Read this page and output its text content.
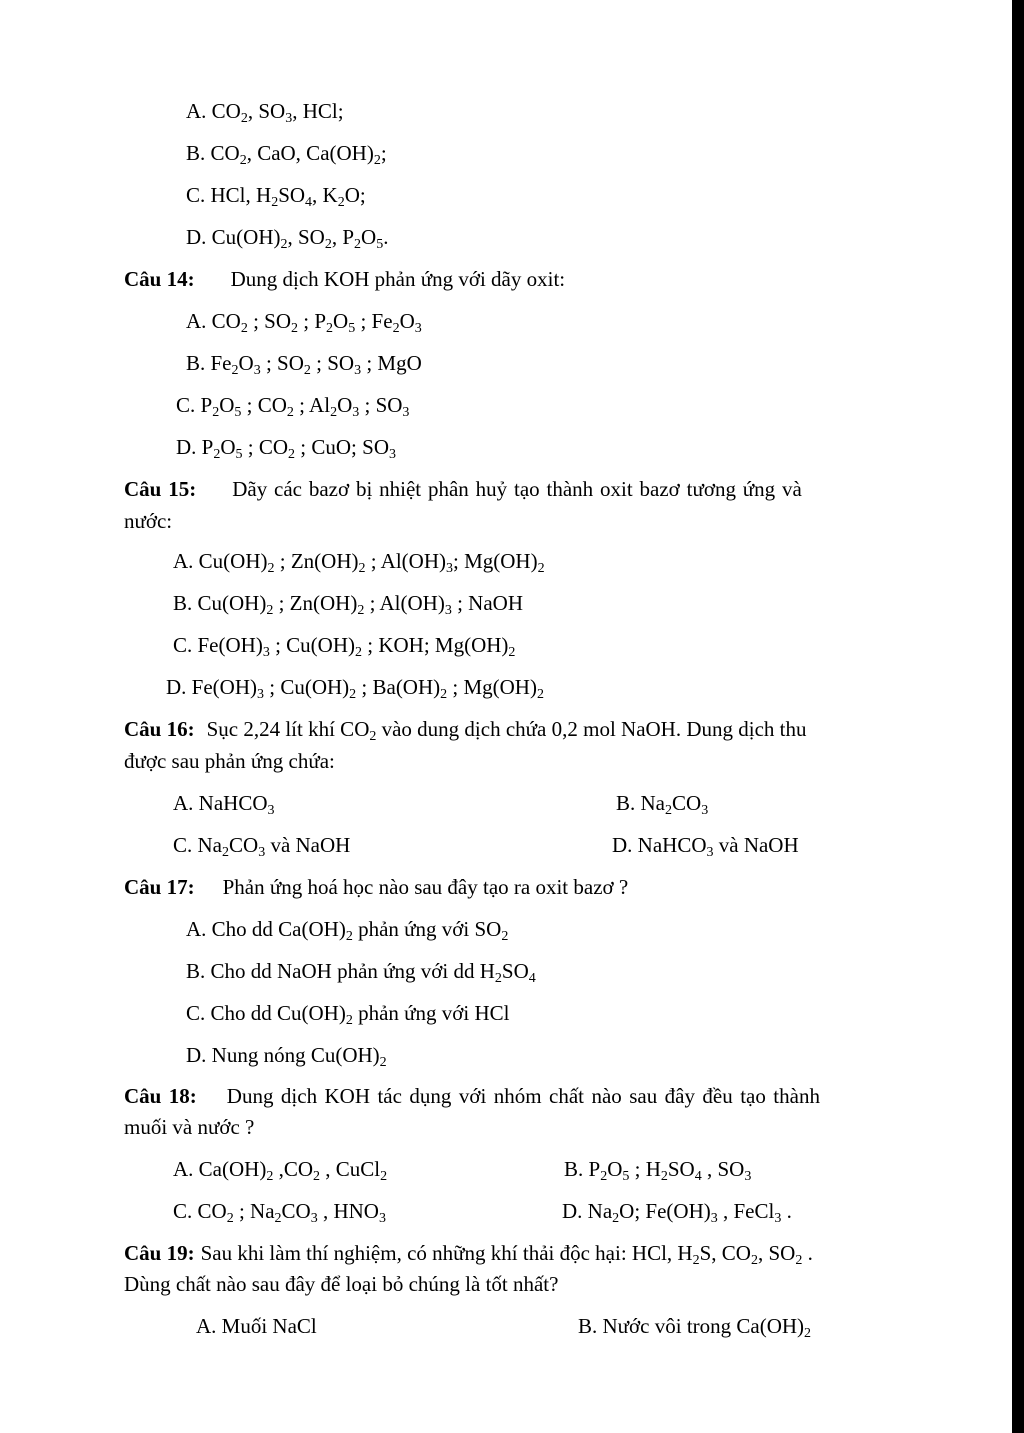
A. $CO_2$, $SO_3$, HCl;
B. $CO_2$, CaO, $Ca(OH)_2$;
C. HCl, $H_2SO_4$, $K_2O$;
D. $Cu(OH)_2$, $SO_2$, $P_2O_5$.
Câu 14: Dung dịch KOH phản ứng với dãy oxit:
A. $CO_2$ ; $SO_2$ ; $P_2O_5$ ; $Fe_2O_3$
B. $Fe_2O_3$ ; $SO_2$ ; $SO_3$ ; MgO
C. $P_2O_5$ ; $CO_2$ ; $Al_2O_3$ ; $SO_3$
D. $P_2O_5$ ; $CO_2$ ; CuO; $SO_3$
Câu 15: Dãy các bazơ bị nhiệt phân huỷ tạo thành oxit bazơ tương ứng và
nước:
A. $Cu(OH)_2$ ; $Zn(OH)_2$ ; $Al(OH)_3$; $Mg(OH)_2$
B. $Cu(OH)_2$ ; $Zn(OH)_2$ ; $Al(OH)_3$ ; NaOH
C. $Fe(OH)_3$ ; $Cu(OH)_2$ ; KOH; $Mg(OH)_2$
D. $Fe(OH)_3$ ; $Cu(OH)_2$ ; $Ba(OH)_2$ ; $Mg(OH)_2$
Câu 16: Sục 2,24 lít khí $CO_2$ vào dung dịch chứa 0,2 mol NaOH. Dung dịch thu
được sau phản ứng chứa:
A. NaHCO$_3$	B. $Na_2CO_3$
C. $Na_2CO_3$ và NaOH	D. NaHCO$_3$ và NaOH
Câu 17: Phản ứng hoá học nào sau đây tạo ra oxit bazơ ?
A. Cho dd $Ca(OH)_2$ phản ứng với $SO_2$
B. Cho dd NaOH phản ứng với dd $H_2SO_4$
C. Cho dd $Cu(OH)_2$ phản ứng với HCl
D. Nung nóng $Cu(OH)_2$
Câu 18: Dung dịch KOH tác dụng với nhóm chất nào sau đây đều tạo thành
muối và nước ?
A. $Ca(OH)_2$ $,CO_2$ , CuCl$_2$	B. $P_2O_5$ ; $H_2SO_4$ , $SO_3$
C. $CO_2$ ; $Na_2CO_3$ , $HNO_3$	D. $Na_2O$; $Fe(OH)_3$ , FeCl$_3$ .
Câu 19: Sau khi làm thí nghiệm, có những khí thải độc hại: HCl, $H_2S$, $CO_2$, $SO_2$ .
Dùng chất nào sau đây để loại bỏ chúng là tốt nhất?
A. Muối NaCl	B. Nước vôi trong $Ca(OH)_2$
